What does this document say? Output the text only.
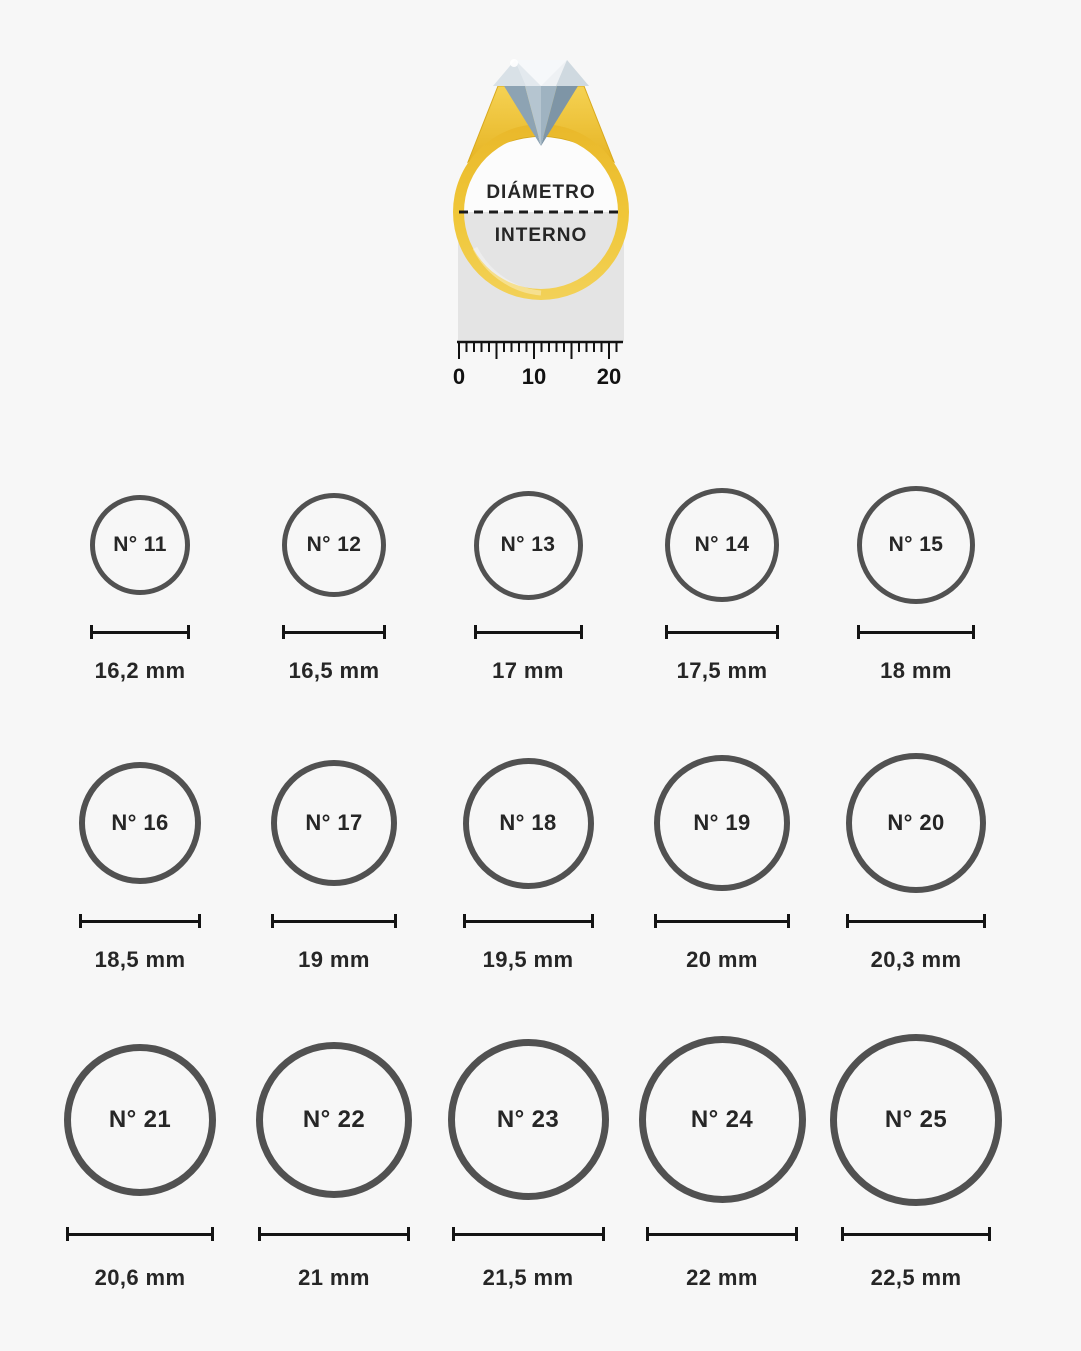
DIÁMETRO
INTERNO
0	10 20
N° 11
16,2 mm
N° 12
16,5 mm
N° 13
17 mm
N° 14
17,5 mm
N° 15
18 mm
N° 16
18,5 mm
N° 17
19 mm
N° 18
19,5 mm
N° 19
20 mm
N° 20
20,3 mm
N° 21
20,6 mm
N° 22
21 mm
N° 23
21,5 mm
N° 24
22 mm
N° 25
22,5 mm
